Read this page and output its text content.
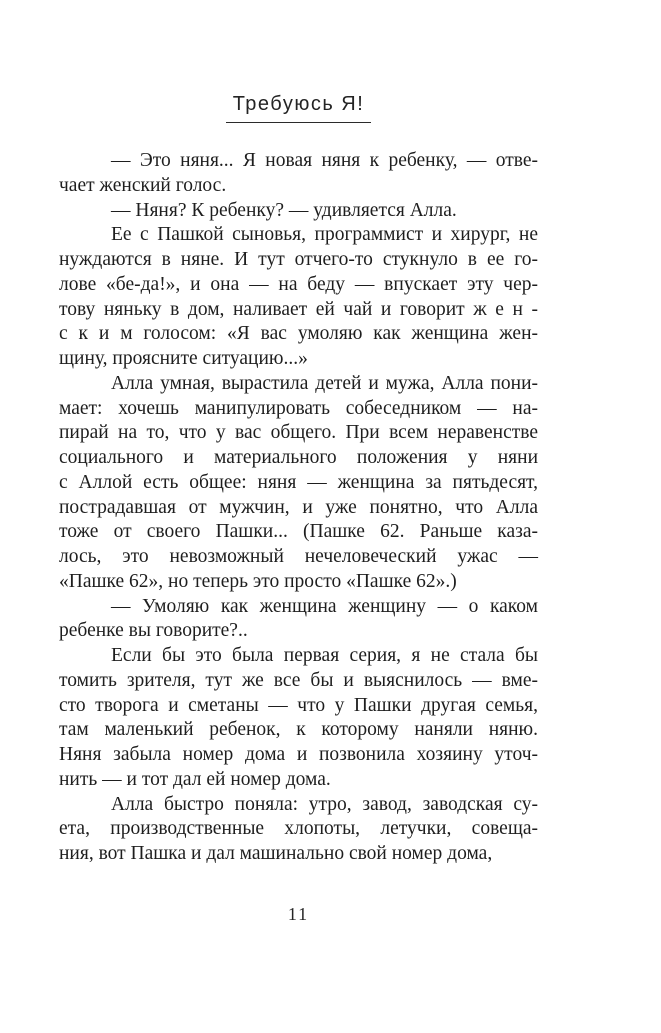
Требуюсь Я!
— Это няня... Я новая няня к ребенку, — отве-
чает женский голос.
— Няня? К ребенку? — удивляется Алла.
Ее с Пашкой сыновья, программист и хирург, не
нуждаются в няне. И тут отчего-то стукнуло в ее го-
лове «бе-да!», и она — на беду — впускает эту чер-
тову няньку в дом, наливает ей чай и говорит ж е н -
с к и м голосом: «Я вас умоляю как женщина жен-
щину, проясните ситуацию...»
Алла умная, вырастила детей и мужа, Алла пони-
мает: хочешь манипулировать собеседником — на-
пирай на то, что у вас общего. При всем неравенстве
социального и материального положения у няни
с Аллой есть общее: няня — женщина за пятьдесят,
пострадавшая от мужчин, и уже понятно, что Алла
тоже от своего Пашки... (Пашке 62. Раньше каза-
лось, это невозможный нечеловеческий ужас —
«Пашке 62», но теперь это просто «Пашке 62».)
— Умоляю как женщина женщину — о каком
ребенке вы говорите?..
Если бы это была первая серия, я не стала бы
томить зрителя, тут же все бы и выяснилось — вме-
сто творога и сметаны — что у Пашки другая семья,
там маленький ребенок, к которому наняли няню.
Няня забыла номер дома и позвонила хозяину уточ-
нить — и тот дал ей номер дома.
Алла быстро поняла: утро, завод, заводская су-
ета, производственные хлопоты, летучки, совеща-
ния, вот Пашка и дал машинально свой номер дома,
11
